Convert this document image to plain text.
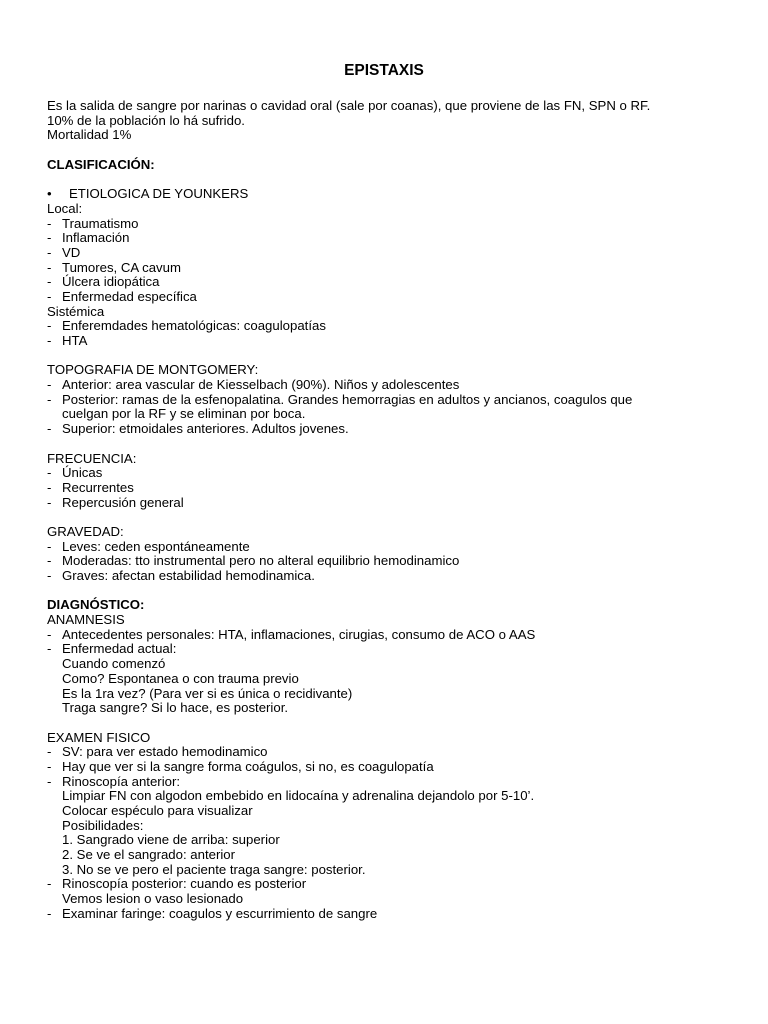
EPISTAXIS
Es la salida de sangre por narinas o cavidad oral (sale por coanas), que proviene de las FN, SPN o RF.
10% de la población lo há sufrido.
Mortalidad 1%
CLASIFICACIÓN:
• ETIOLOGICA DE YOUNKERS
Local:
- Traumatismo
- Inflamación
- VD
- Tumores, CA cavum
- Úlcera idiopática
- Enfermedad específica
Sistémica
- Enferemdades hematológicas: coagulopatías
- HTA
TOPOGRAFIA DE MONTGOMERY:
- Anterior: area vascular de Kiesselbach (90%). Niños y adolescentes
- Posterior: ramas de la esfenopalatina. Grandes hemorragias en adultos y ancianos, coagulos que
cuelgan por la RF y se eliminan por boca.
- Superior: etmoidales anteriores. Adultos jovenes.
FRECUENCIA:
- Únicas
- Recurrentes
- Repercusión general
GRAVEDAD:
- Leves: ceden espontáneamente
- Moderadas: tto instrumental pero no alteral equilibrio hemodinamico
- Graves: afectan estabilidad hemodinamica.
DIAGNÓSTICO:
ANAMNESIS
- Antecedentes personales: HTA, inflamaciones, cirugias, consumo de ACO o AAS
- Enfermedad actual:
Cuando comenzó
Como? Espontanea o con trauma previo
Es la 1ra vez? (Para ver si es única o recidivante)
Traga sangre? Si lo hace, es posterior.
EXAMEN FISICO
- SV: para ver estado hemodinamico
- Hay que ver si la sangre forma coágulos, si no, es coagulopatía
- Rinoscopía anterior:
Limpiar FN con algodon embebido en lidocaína y adrenalina dejandolo por 5-10’.
Colocar espéculo para visualizar
Posibilidades:
1. Sangrado viene de arriba: superior
2. Se ve el sangrado: anterior
3. No se ve pero el paciente traga sangre: posterior.
- Rinoscopía posterior: cuando es posterior
Vemos lesion o vaso lesionado
- Examinar faringe: coagulos y escurrimiento de sangre
